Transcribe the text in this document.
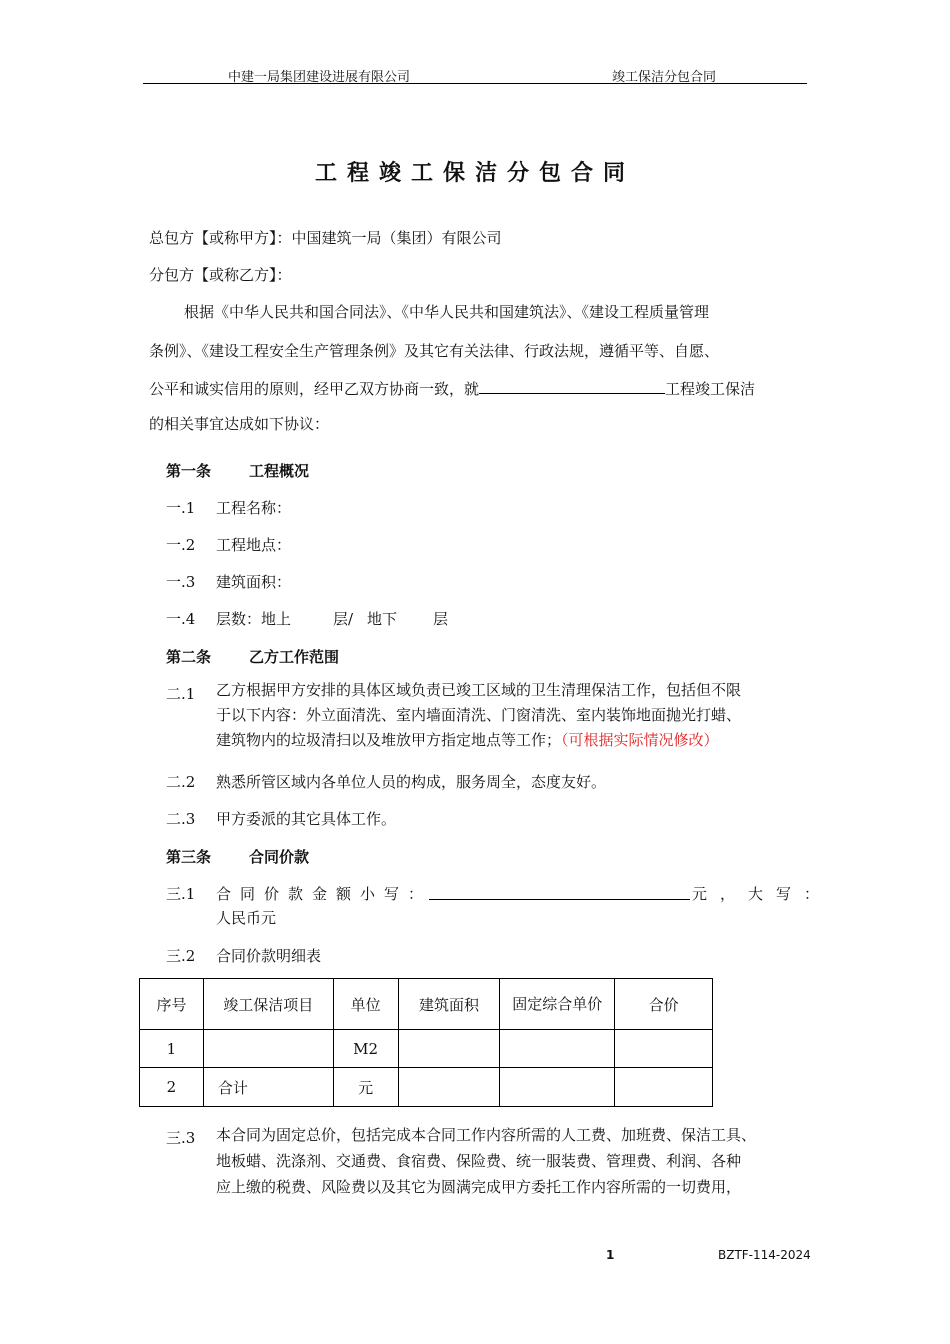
中建一局集团建设进展有限公司	竣工保洁分包合同
工程竣工保洁分包合同
总包方【或称甲方】：中国建筑一局（集团）有限公司
分包方【或称乙方】：
根据《中华人民共和国合同法》、《中华人民共和国建筑法》、《建设工程质量管理
条例》、《建设工程安全生产管理条例》及其它有关法律、行政法规，遵循平等、自愿、
公平和诚实信用的原则，经甲乙双方协商一致，就	工程竣工保洁
的相关事宜达成如下协议：
第一条	工程概况
一.1 工程名称：
一.2 工程地点：
一.3 建筑面积：
一.4 层数：地上	层/ 地下 层
第二条	乙方工作范围
二.1 乙方根据甲方安排的具体区域负责已竣工区域的卫生清理保洁工作，包括但不限
于以下内容：外立面清洗、室内墙面清洗、门窗清洗、室内装饰地面抛光打蜡、
建筑物内的垃圾清扫以及堆放甲方指定地点等工作；（可根据实际情况修改）
二.2 熟悉所管区域内各单位人员的构成，服务周全，态度友好。
二.3 甲方委派的其它具体工作。
第三条	合同价款
三.1 合同价款金额小写：	元，大写：
人民币元
三.2 合同价款明细表
序号	竣工保洁项目	单位	建筑面积	固定综合单价	合价
1		M2			
2	合计	元			
三.3 本合同为固定总价，包括完成本合同工作内容所需的人工费、加班费、保洁工具、
地板蜡、洗涤剂、交通费、食宿费、保险费、统一服装费、管理费、利润、各种
应上缴的税费、风险费以及其它为圆满完成甲方委托工作内容所需的一切费用，
1	BZTF-114-2024
